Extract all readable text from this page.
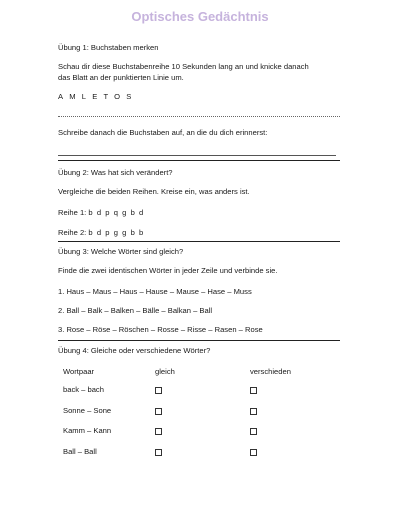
Optisches Gedächtnis
Übung 1: Buchstaben merken
Schau dir diese Buchstabenreihe 10 Sekunden lang an und knicke danach
das Blatt an der punktierten Linie um.
AMLETOS
Schreibe danach die Buchstaben auf, an die du dich erinnerst:
Übung 2: Was hat sich verändert?
Vergleiche die beiden Reihen. Kreise ein, was anders ist.
Reihe 1: b  d  p  q  g  b  d
Reihe 2: b  d  p  g  g  b  b
Übung 3: Welche Wörter sind gleich?
Finde die zwei identischen Wörter in jeder Zeile und verbinde sie.
1. Haus – Maus – Haus – Hause – Mause – Hase – Muss
2. Ball – Balk – Balken – Bälle – Balkan – Ball
3. Rose – Röse – Röschen – Rosse – Risse – Rasen – Rose
Übung 4: Gleiche oder verschiedene Wörter?
Wortpaar	gleich	verschieden
back – bach
Sonne – Sone
Kamm – Kann
Ball – Ball
